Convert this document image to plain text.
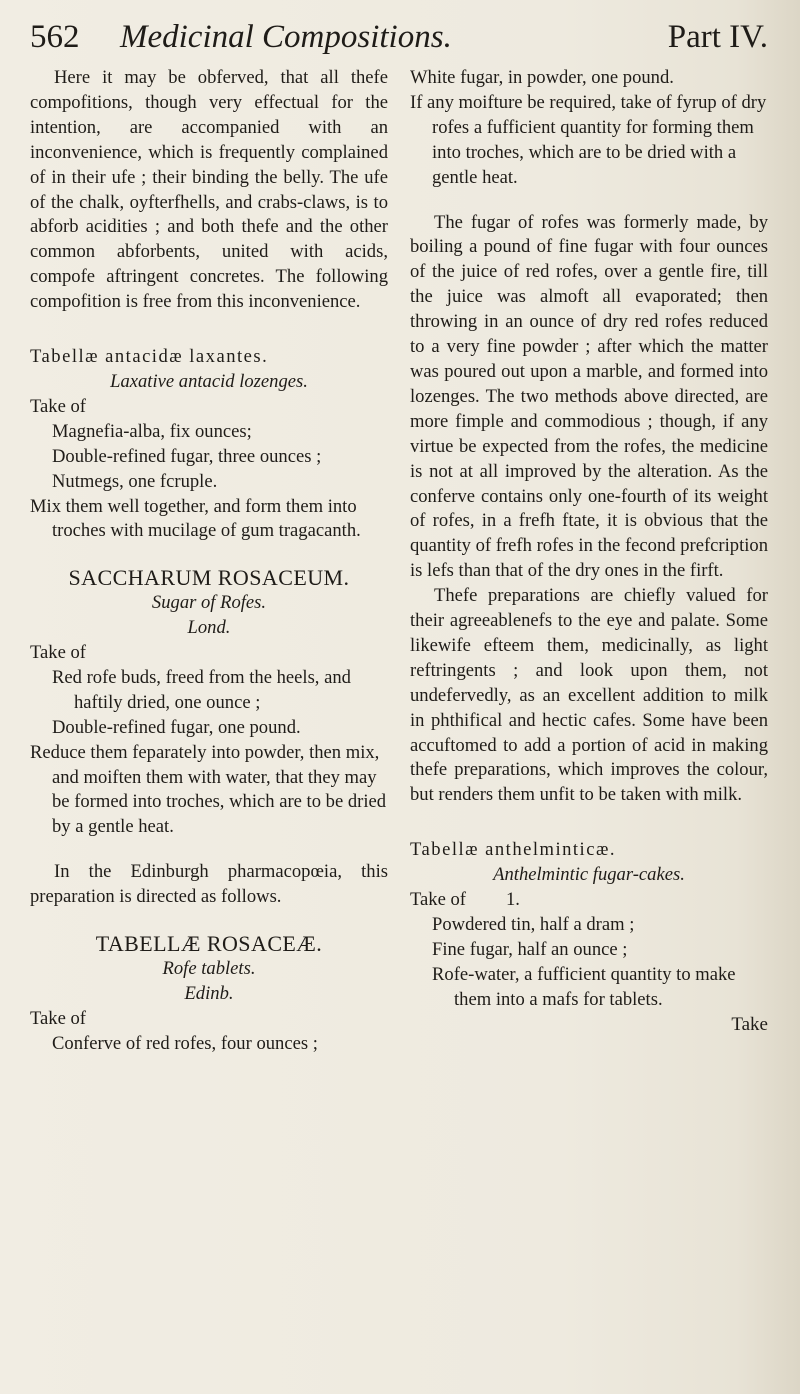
562 Medicinal Compositions.	Part IV.

Here it may be obferved, that all thefe compofitions, though very effectual for the intention, are accompanied with an inconvenience, which is frequently complained of in their ufe ; their binding the belly. The ufe of the chalk, oyfterfhells, and crabs-claws, is to abforb acidities ; and both thefe and the other common abforbents, united with acids, compofe aftringent concretes. The following compofition is free from this inconvenience.

Tabellæ antacidæ laxantes.

Laxative antacid lozenges.

Take of

Magnefia-alba, fix ounces;

Double-refined fugar, three ounces ;

Nutmegs, one fcruple.

Mix them well together, and form them into troches with mucilage of gum tragacanth.

SACCHARUM ROSACEUM.

Sugar of Rofes.

Lond.

Take of

Red rofe buds, freed from the heels, and haftily dried, one ounce ;

Double-refined fugar, one pound.

Reduce them feparately into powder, then mix, and moiften them with water, that they may be formed into troches, which are to be dried by a gentle heat.

In the Edinburgh pharmacopœia, this preparation is directed as follows.

TABELLÆ ROSACEÆ.

Rofe tablets.

Edinb.

Take of

Conferve of red rofes, four ounces ;

White fugar, in powder, one pound.

If any moifture be required, take of fyrup of dry rofes a fufficient quantity for forming them into troches, which are to be dried with a gentle heat.

The fugar of rofes was formerly made, by boiling a pound of fine fugar with four ounces of the juice of red rofes, over a gentle fire, till the juice was almoft all evaporated; then throwing in an ounce of dry red rofes reduced to a very fine powder ; after which the matter was poured out upon a marble, and formed into lozenges. The two methods above directed, are more fimple and commodious ; though, if any virtue be expected from the rofes, the medicine is not at all improved by the alteration. As the conferve contains only one-fourth of its weight of rofes, in a frefh ftate, it is obvious that the quantity of frefh rofes in the fecond prefcription is lefs than that of the dry ones in the firft.

Thefe preparations are chiefly valued for their agreeablenefs to the eye and palate. Some likewife efteem them, medicinally, as light reftringents ; and look upon them, not undefervedly, as an excellent addition to milk in phthifical and hectic cafes. Some have been accuftomed to add a portion of acid in making thefe preparations, which improves the colour, but renders them unfit to be taken with milk.

Tabellæ anthelminticæ.

Anthelmintic fugar-cakes.

Take of 1.

Powdered tin, half a dram ;

Fine fugar, half an ounce ;

Rofe-water, a fufficient quantity to make them into a mafs for tablets.

Take
